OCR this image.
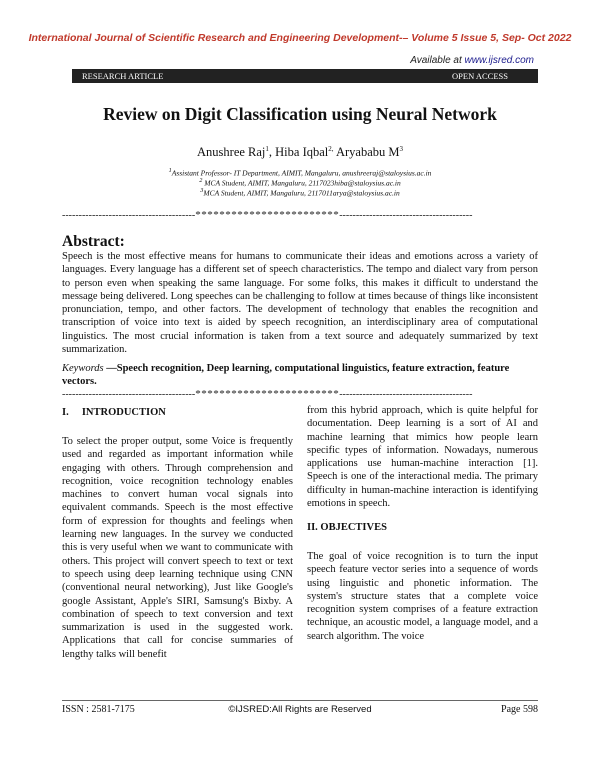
International Journal of Scientific Research and Engineering Development-– Volume 5 Issue 5, Sep- Oct 2022
Available at www.ijsred.com
RESEARCH ARTICLE	OPEN ACCESS
Review on Digit Classification using Neural Network
Anushree Raj$^1$, Hiba Iqbal$^{2,}$ Aryababu $M^3$
$^1$Assistant Professor- IT Department, AIMIT, Mangaluru, anushreeraj@staloysius.ac.in
$^2$ MCA Student, AIMIT, Mangaluru, 2117023hiba@staloysius.ac.in
$^3$MCA Student, AIMIT, Mangaluru, 2117011arya@staloysius.ac.in
----------------------------------------************************----------------------------------------
Abstract:
Speech is the most effective means for humans to communicate their ideas and emotions across a variety of languages. Every language has a different set of speech characteristics. The tempo and dialect vary from person to person even when speaking the same language. For some folks, this makes it difficult to understand the message being delivered. Long speeches can be challenging to follow at times because of things like inconsistent pronunciation, tempo, and other factors. The development of technology that enables the recognition and transcription of voice into text is aided by speech recognition, an interdisciplinary area of computational linguistics. The most crucial information is taken from a text source and adequately summarized by text summarization.
Keywords —Speech recognition, Deep learning, computational linguistics, feature extraction, feature vectors.
----------------------------------------************************----------------------------------------
I.     INTRODUCTION
To select the proper output, some Voice is frequently used and regarded as important information while engaging with others. Through comprehension and recognition, voice recognition technology enables machines to convert human vocal signals into equivalent commands. Speech is the most effective form of expression for thoughts and feelings when learning new languages. In the survey we conducted this is very useful when we want to communicate with others. This project will convert speech to text or text to speech using deep learning technique using CNN (conventional neural networking), Just like Google's google Assistant, Apple's SIRI, Samsung's Bixby. A combination of speech to text conversion and text summarization is used in the suggested work. Applications that call for concise summaries of lengthy talks will benefit
from this hybrid approach, which is quite helpful for documentation. Deep learning is a sort of AI and machine learning that mimics how people learn specific types of information. Nowadays, numerous applications use human-machine interaction [1]. Speech is one of the interactional media. The primary difficulty in human-machine interaction is identifying emotions in speech.
II. OBJECTIVES
The goal of voice recognition is to turn the input speech feature vector series into a sequence of words using linguistic and phonetic information. The system's structure states that a complete voice recognition system comprises of a feature extraction technique, an acoustic model, a language model, and a search algorithm. The voice
ISSN : 2581-7175	©IJSRED:All Rights are Reserved	Page 598
